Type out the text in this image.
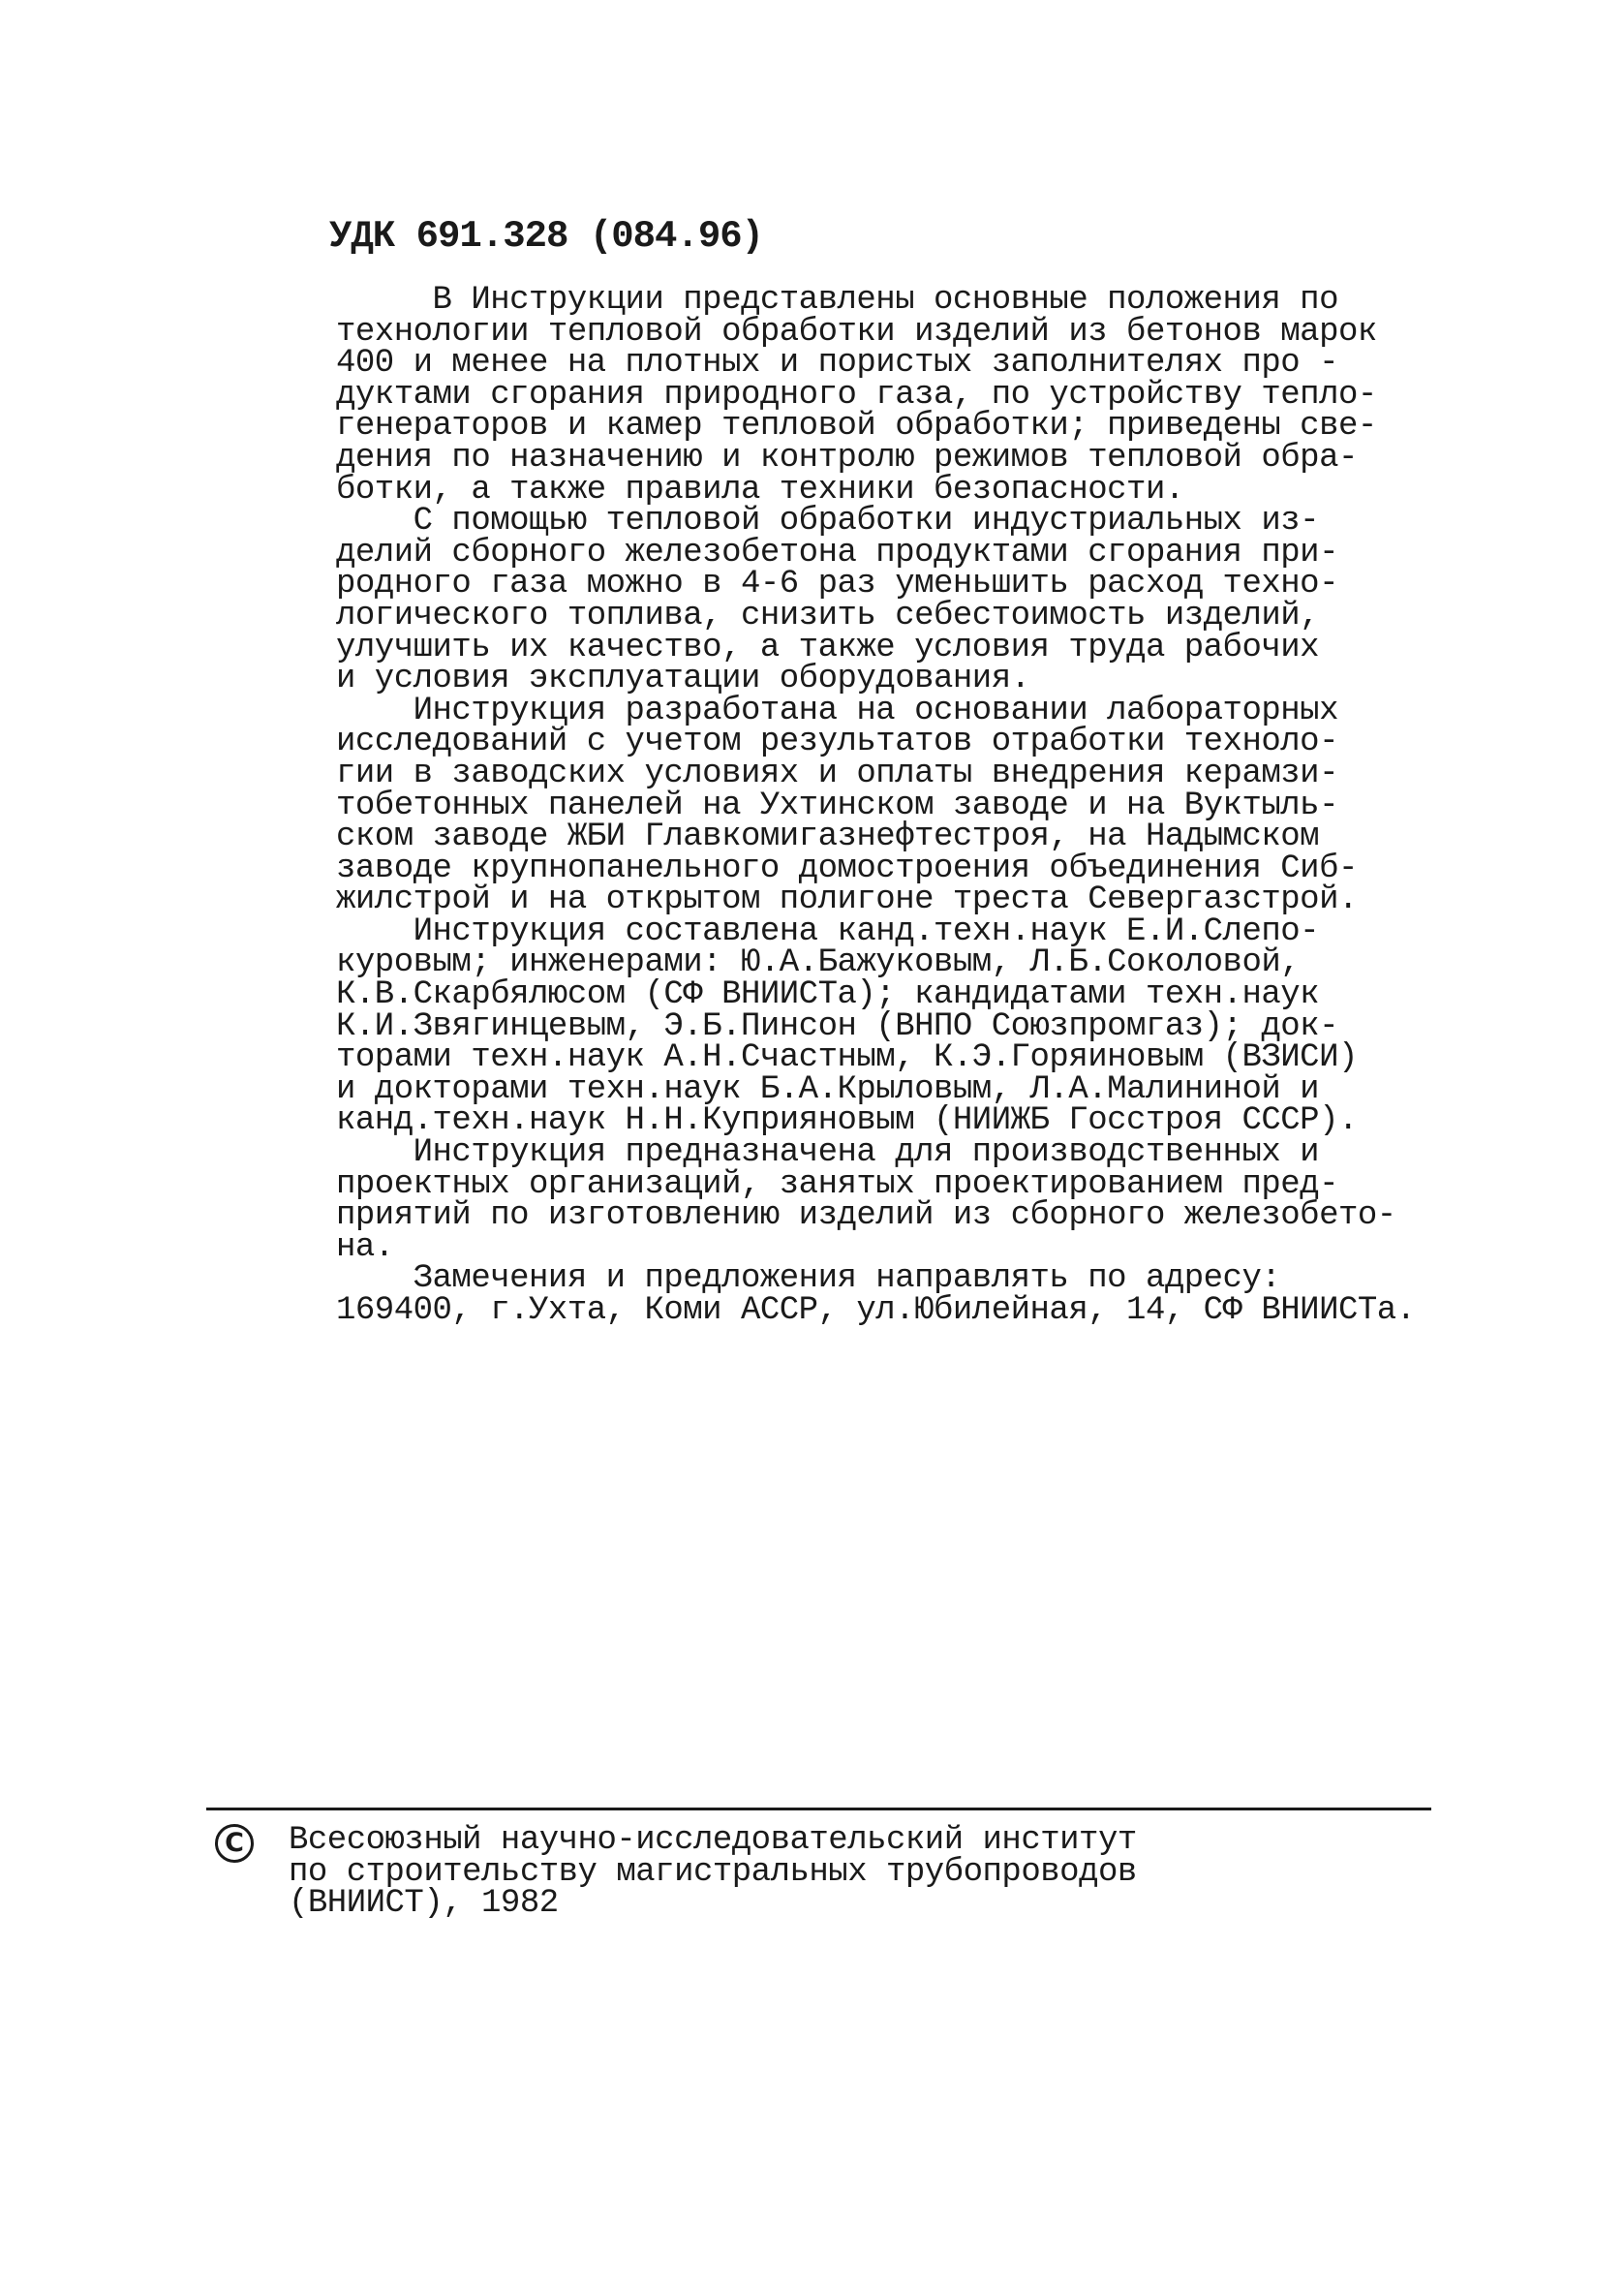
УДК 691.328 (084.96)
В Инструкции представлены основные положения по
технологии тепловой обработки изделий из бетонов марок
400 и менее на плотных и пористых заполнителях про -
дуктами сгорания природного газа, по устройству тепло-
генераторов и камер тепловой обработки; приведены све-
дения по назначению и контролю режимов тепловой обра-
ботки, а также правила техники безопасности.
С помощью тепловой обработки индустриальных из-
делий сборного железобетона продуктами сгорания при-
родного газа можно в 4-6 раз уменьшить расход техно-
логического топлива, снизить себестоимость изделий,
улучшить их качество, а также условия труда рабочих
и условия эксплуатации оборудования.
Инструкция разработана на основании лабораторных
исследований с учетом результатов отработки техноло-
гии в заводских условиях и оплаты внедрения керамзи-
тобетонных панелей на Ухтинском заводе и на Вуктыль-
ском заводе ЖБИ Главкомигазнефтестроя, на Надымском
заводе крупнопанельного домостроения объединения Сиб-
жилстрой и на открытом полигоне треста Севергазстрой.
Инструкция составлена канд.техн.наук Е.И.Слепо-
куровым; инженерами: Ю.А.Бажуковым, Л.Б.Соколовой,
К.В.Скарбялюсом (СФ ВНИИСТа); кандидатами техн.наук
К.И.Звягинцевым, Э.Б.Пинсон (ВНПО Союзпромгаз); док-
торами техн.наук А.Н.Счастным, К.Э.Горяиновым (ВЗИСИ)
и докторами техн.наук Б.А.Крыловым, Л.А.Малининой и
канд.техн.наук Н.Н.Куприяновым (НИИЖБ Госстроя СССР).
Инструкция предназначена для производственных и
проектных организаций, занятых проектированием пред-
приятий по изготовлению изделий из сборного железобето-
на.
Замечения и предложения направлять по адресу:
169400, г.Ухта, Коми АССР, ул.Юбилейная, 14, СФ ВНИИСТа.
С Всесоюзный научно-исследовательский институт
по строительству магистральных трубопроводов
(ВНИИСТ), 1982
